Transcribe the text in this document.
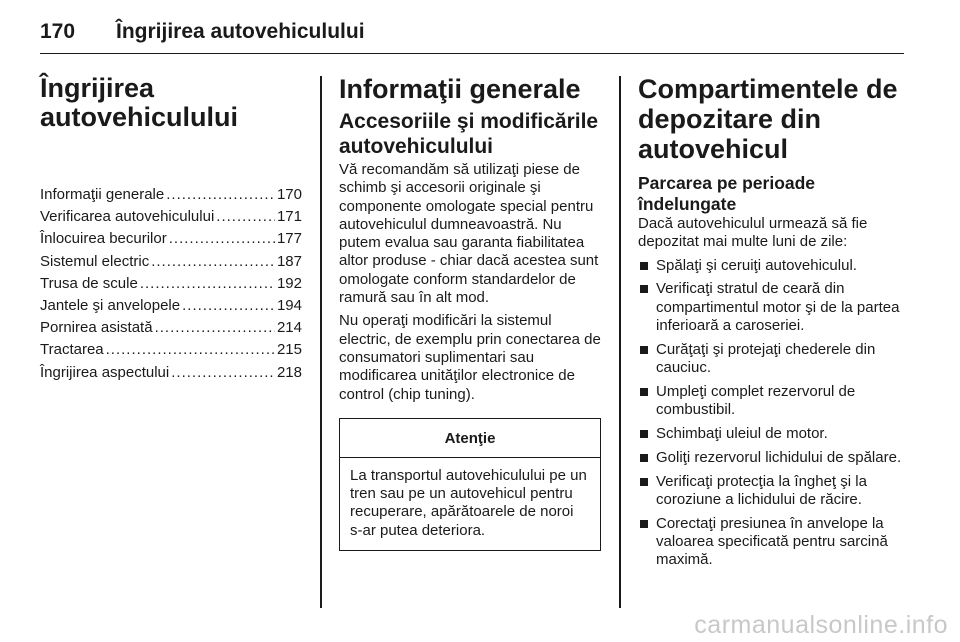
170 Îngrijirea autovehiculului
Îngrijirea
autovehiculului
Informaţii generale .....	170
Verificarea autovehiculului .....	171
Înlocuirea becurilor .....	177
Sistemul electric .....	187
Trusa de scule .....	192
Jantele şi anvelopele .....	194
Pornirea asistată .....	214
Tractarea .....	215
Îngrijirea aspectului .....	218
Informaţii generale
Accesoriile şi modificările autovehiculului

Vă recomandăm să utilizaţi piese de schimb şi accesorii originale şi componente omologate special pentru autovehiculul dumneavoastră. Nu putem evalua sau garanta fiabilitatea altor produse - chiar dacă acestea sunt omologate conform standardelor de ramură sau în alt mod.

Nu operaţi modificări la sistemul electric, de exemplu prin conectarea de consumatori suplimentari sau modificarea unităţilor electronice de control (chip tuning).

Atenţie
La transportul autovehiculului pe un tren sau pe un autovehicul pentru recuperare, apărătoarele de noroi s-ar putea deteriora.
Compartimentele de depozitare din autovehicul
Parcarea pe perioade îndelungate

Dacă autovehiculul urmează să fie depozitat mai multe luni de zile:

Spălaţi şi ceruiţi autovehiculul.
Verificaţi stratul de ceară din compartimentul motor şi de la partea inferioară a caroseriei.
Curăţaţi şi protejaţi chederele din cauciuc.
Umpleţi complet rezervorul de combustibil.
Schimbaţi uleiul de motor.
Goliţi rezervorul lichidului de spălare.
Verificaţi protecţia la îngheţ şi la coroziune a lichidului de răcire.
Corectaţi presiunea în anvelope la valoarea specificată pentru sarcină maximă.
carmanualsonline.info
